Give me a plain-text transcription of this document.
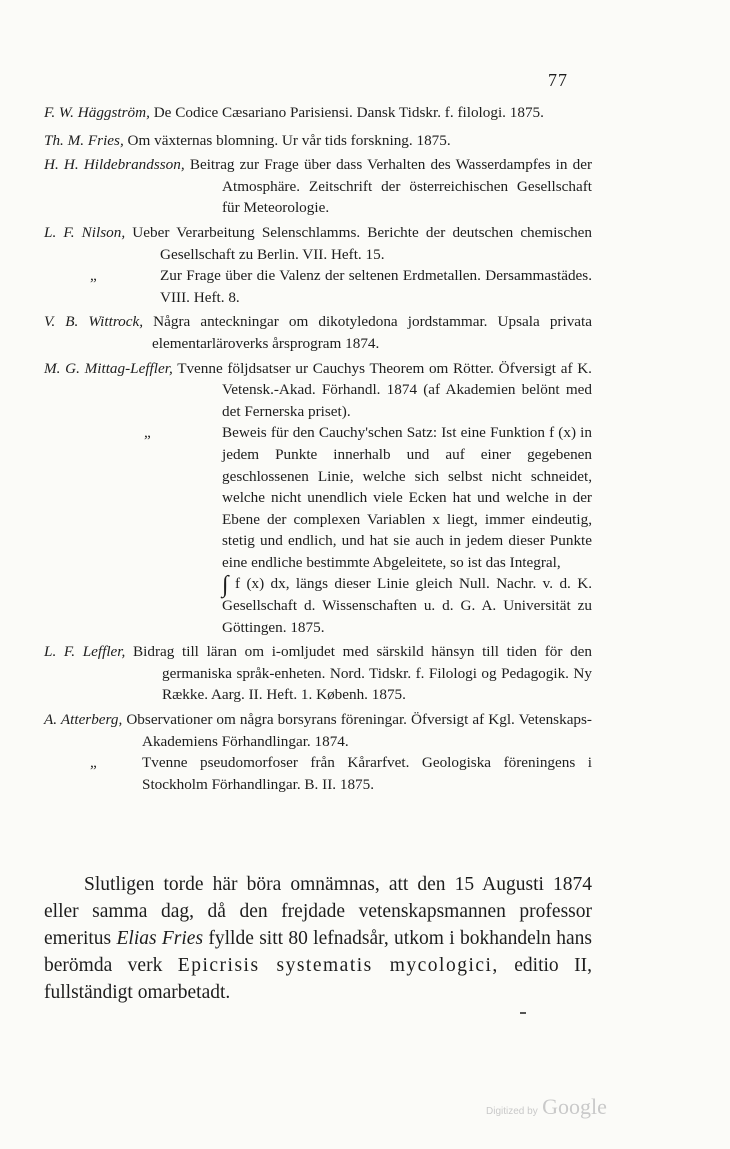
77
F. W. Häggström, De Codice Cæsariano Parisiensi. Dansk Tidskr. f. filologi. 1875.
Th. M. Fries, Om växternas blomning. Ur vår tids forskning. 1875.
H. H. Hildebrandsson, Beitrag zur Frage über dass Verhalten des Wasserdampfes in der Atmosphäre. Zeitschrift der österreichischen Gesellschaft für Meteorologie.
L. F. Nilson, Ueber Verarbeitung Selenschlamms. Berichte der deutschen chemischen Gesellschaft zu Berlin. VII. Heft. 15.
„	Zur Frage über die Valenz der seltenen Erdmetallen. Dersammastädes. VIII. Heft. 8.
V. B. Wittrock, Några anteckningar om dikotyledona jordstammar. Upsala privata elementarläroverks årsprogram 1874.
M. G. Mittag-Leffler, Tvenne följdsatser ur Cauchys Theorem om Rötter. Öfversigt af K. Vetensk.-Akad. Förhandl. 1874 (af Akademien belönt med det Fernerska priset).
„	Beweis für den Cauchy'schen Satz: Ist eine Funktion f (x) in jedem Punkte innerhalb und auf einer gegebenen geschlossenen Linie, welche sich selbst nicht schneidet, welche nicht unendlich viele Ecken hat und welche in der Ebene der complexen Variablen x liegt, immer eindeutig, stetig und endlich, und hat sie auch in jedem dieser Punkte eine endliche bestimmte Abgeleitete, so ist das Integral,
∫ f (x) dx, längs dieser Linie gleich Null. Nachr. v. d. K. Gesellschaft d. Wissenschaften u. d. G. A. Universität zu Göttingen. 1875.
L. F. Leffler, Bidrag till läran om i-omljudet med särskild hänsyn till tiden för den germaniska språk-enheten. Nord. Tidskr. f. Filologi og Pedagogik. Ny Række. Aarg. II. Heft. 1. Københ. 1875.
A. Atterberg, Observationer om några borsyrans föreningar. Öfversigt af Kgl. Vetenskaps-Akademiens Förhandlingar. 1874.
„	Tvenne pseudomorfoser från Kårarfvet. Geologiska föreningens i Stockholm Förhandlingar. B. II. 1875.
Slutligen torde här böra omnämnas, att den 15 Augusti 1874 eller samma dag, då den frejdade vetenskapsmannen professor emeritus Elias Fries fyllde sitt 80 lefnadsår, utkom i bokhandeln hans berömda verk Epicrisis systematis mycologici, editio II, fullständigt omarbetadt.
Digitized by Google
